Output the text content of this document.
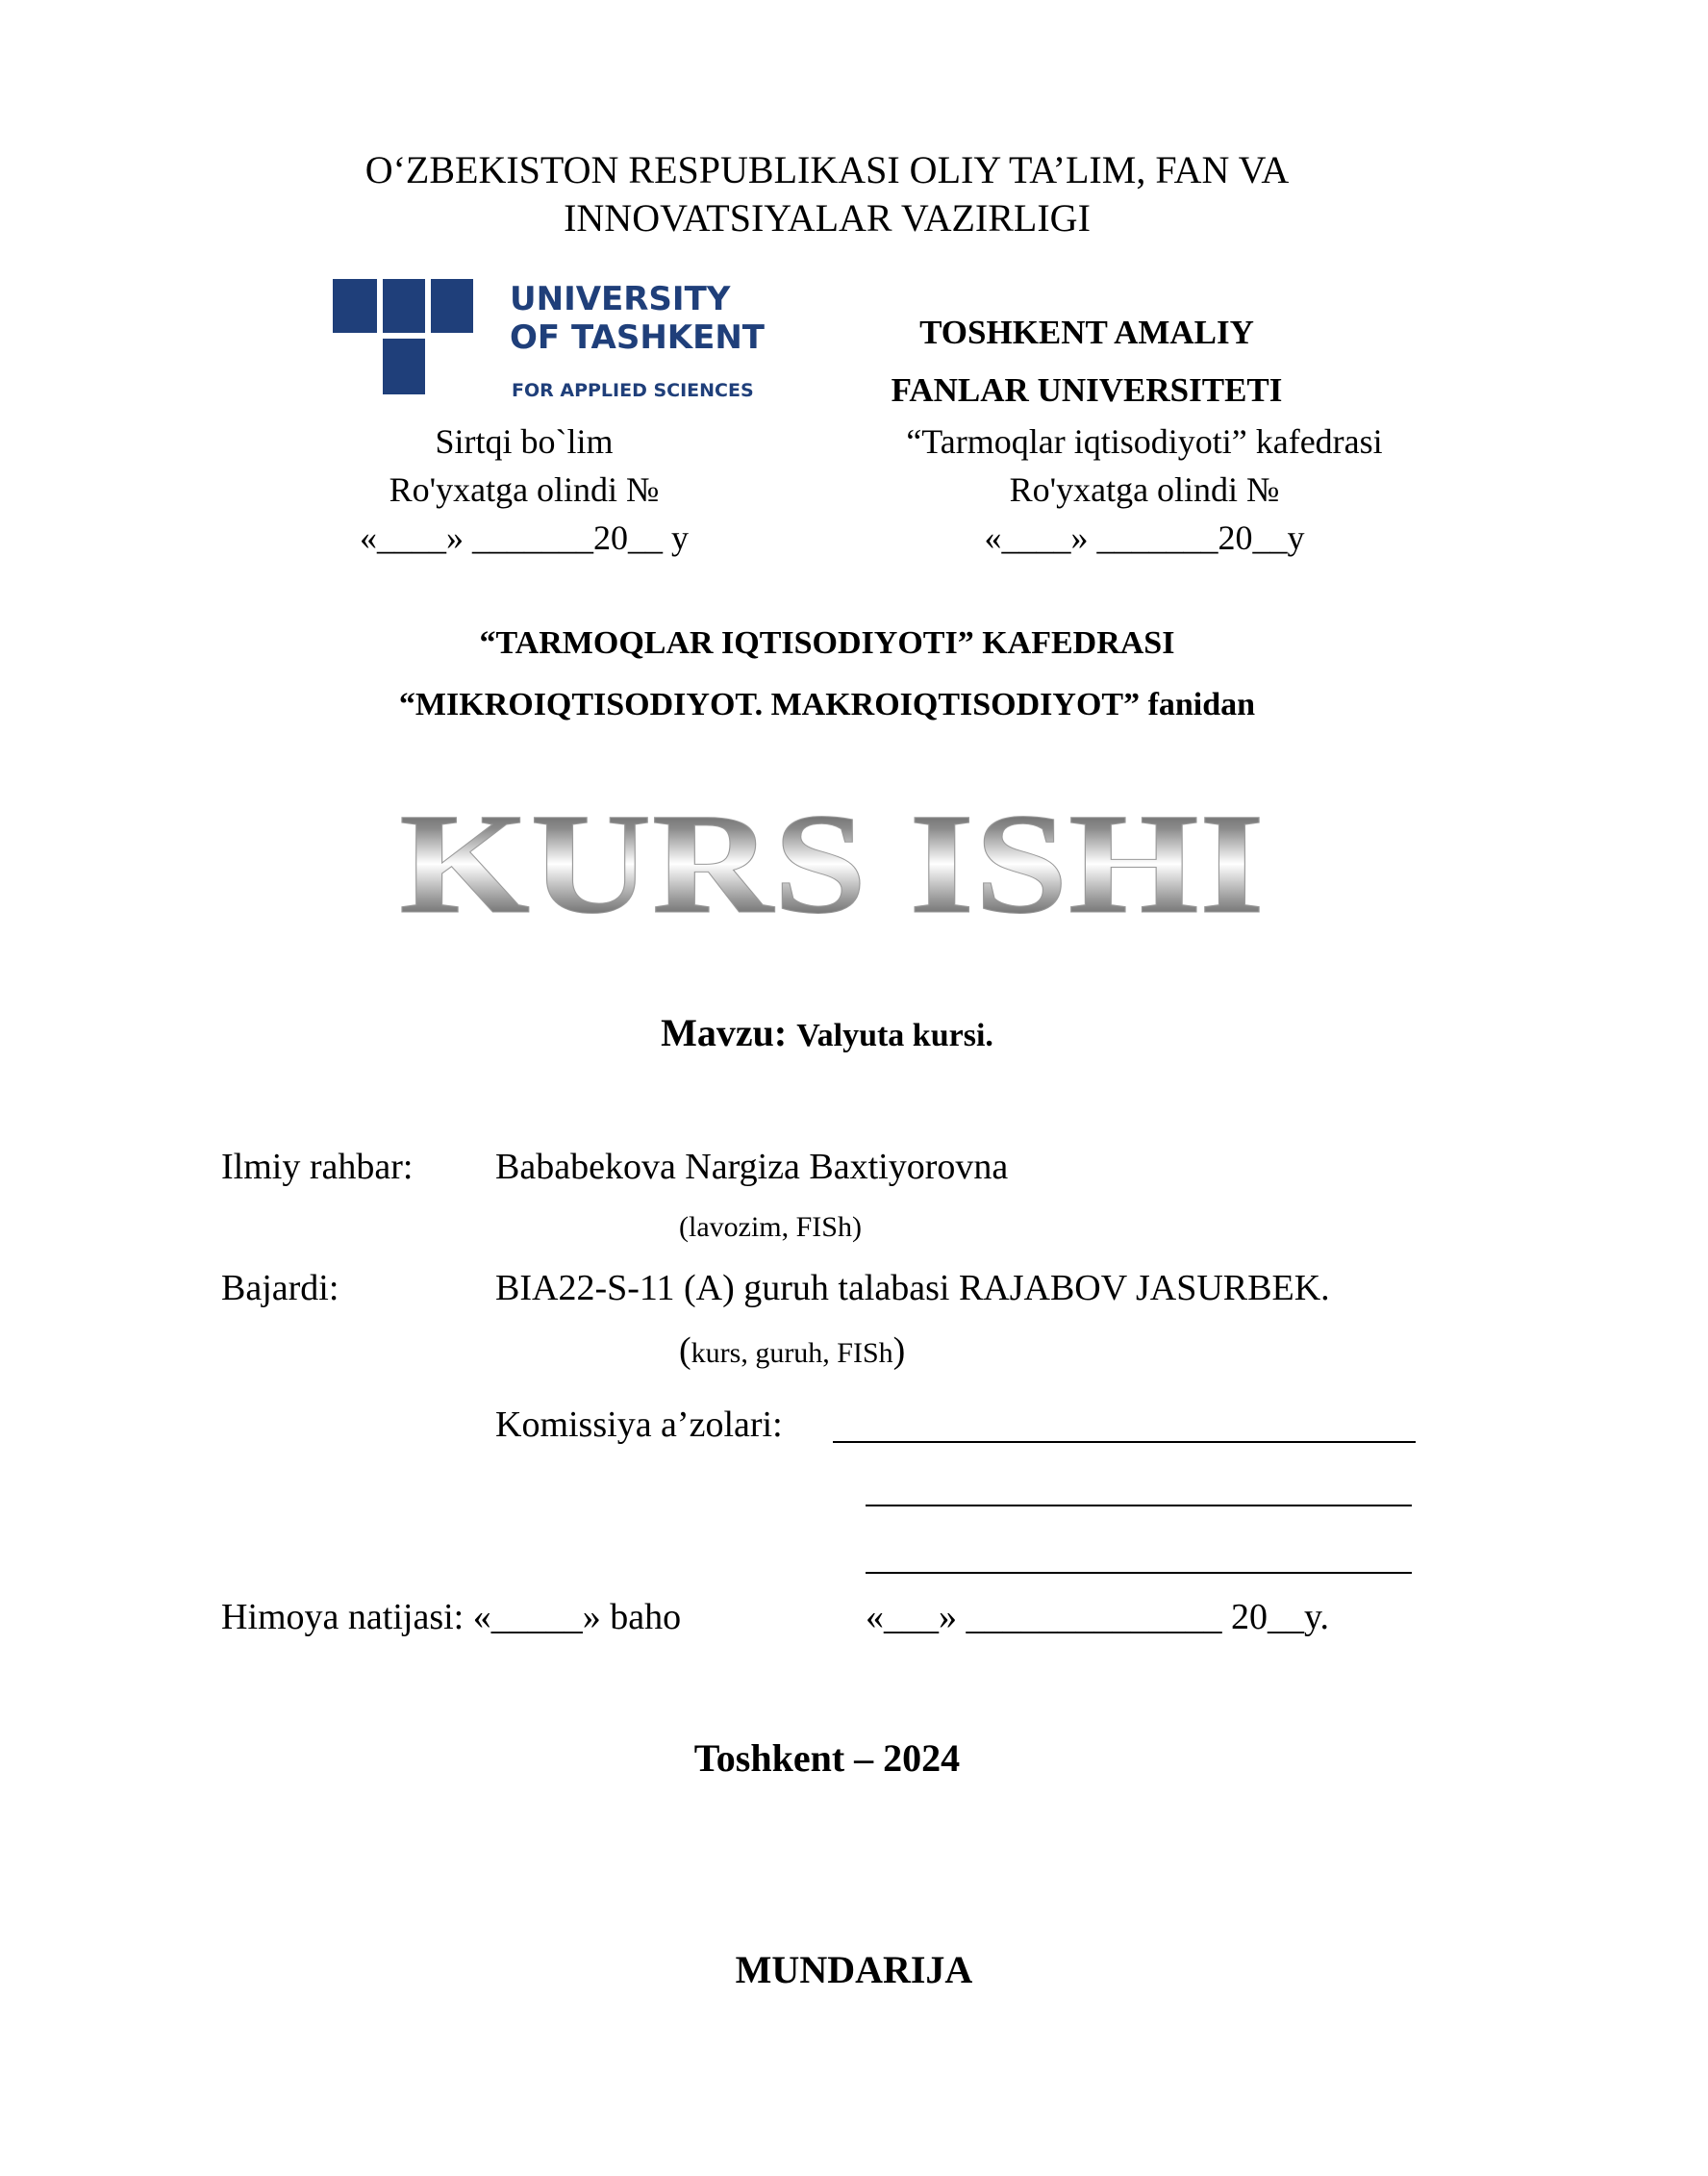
O‘ZBEKISTON RESPUBLIKASI OLIY TA’LIM, FAN VA
INNOVATSIYALAR VAZIRLIGI
UNIVERSITY
OF TASHKENT
FOR APPLIED SCIENCES
TOSHKENT AMALIY
FANLAR UNIVERSITETI
Sirtqi bo`lim
Ro'yxatga olindi №
«____» _______20__ y
“Tarmoqlar iqtisodiyoti” kafedrasi
Ro'yxatga olindi №
«____» _______20__y
“TARMOQLAR IQTISODIYOTI” KAFEDRASI
“MIKROIQTISODIYOT. MAKROIQTISODIYOT” fanidan
KURS ISHI
Mavzu: Valyuta kursi.
Ilmiy rahbar: Bababekova Nargiza Baxtiyorovna
(lavozim, FISh)
Bajardi:	BIA22-S-11 (A) guruh talabasi RAJABOV JASURBEK.
(kurs, guruh, FISh)
Komissiya a’zolari:
Himoya natijasi: «_____» baho	«___» ______________ 20__y.
Toshkent – 2024
MUNDARIJA
